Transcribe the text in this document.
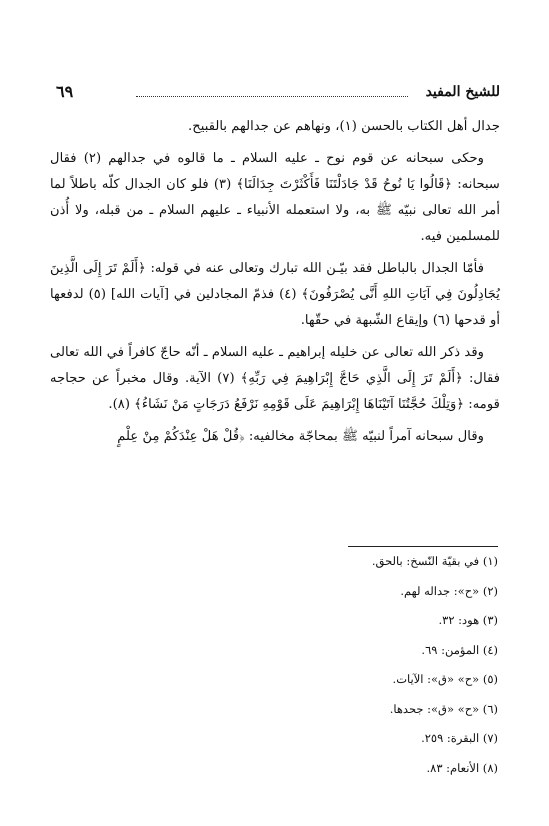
للشيخ المفيد
٦٩

جدال أهل الكتاب بالحسن (١)، ونهاهم عن جدالهم بالقبيح.

وحكى سبحانه عن قوم نوح ـ عليه السلام ـ ما قالوه في جدالهم (٢) فقال سبحانه: ﴿قَالُوا يَا نُوحُ قَدْ جَادَلْتَنَا فَأَكْثَرْتَ جِدَالَنَا﴾ (٣) فلو كان الجدال كلّه باطلاً لما أمر الله تعالى نبيّه ﷺ به، ولا استعمله الأنبياء ـ عليهم السلام ـ من قبله، ولا أُذن للمسلمين فيه.

فأمّا الجدال بالباطل فقد بيّـن الله تبارك وتعالى عنه في قوله: ﴿أَلَمْ تَرَ إِلَى الَّذِينَ يُجَادِلُونَ فِي آيَاتِ اللهِ أَنَّى يُصْرَفُونَ﴾ (٤) فذمّ المجادلين في [آيات الله] (٥) لدفعها أو قدحها (٦) وإيقاع الشّبهة في حقّها.

وقد ذكر الله تعالى عن خليله إبراهيم ـ عليه السلام ـ أنّه حاجّ كافراً في الله تعالى فقال: ﴿أَلَمْ تَرَ إِلَى الَّذِي حَاجَّ إِبْرَاهِيمَ فِي رَبِّهِ﴾ (٧) الآية. وقال مخبراً عن حجاجه قومه: ﴿وَتِلْكَ حُجَّتُنَا آتَيْنَاهَا إِبْرَاهِيمَ عَلَى قَوْمِهِ نَرْفَعُ دَرَجَاتٍ مَنْ نَشَاءُ﴾ (٨).

وقال سبحانه آمراً لنبيّه ﷺ بمحاجّة مخالفيه: ﴿قُلْ هَلْ عِنْدَكُمْ مِنْ عِلْمٍ

(١) في بقيّة النّسخ: بالحق.
(٢) «ح»: جداله لهم.
(٣) هود: ٣٢.
(٤) المؤمن: ٦٩.
(٥) «ح» «ق»: الآيات.
(٦) «ح» «ق»: جحدها.
(٧) البقرة: ٢٥٩.
(٨) الأنعام: ٨٣.
